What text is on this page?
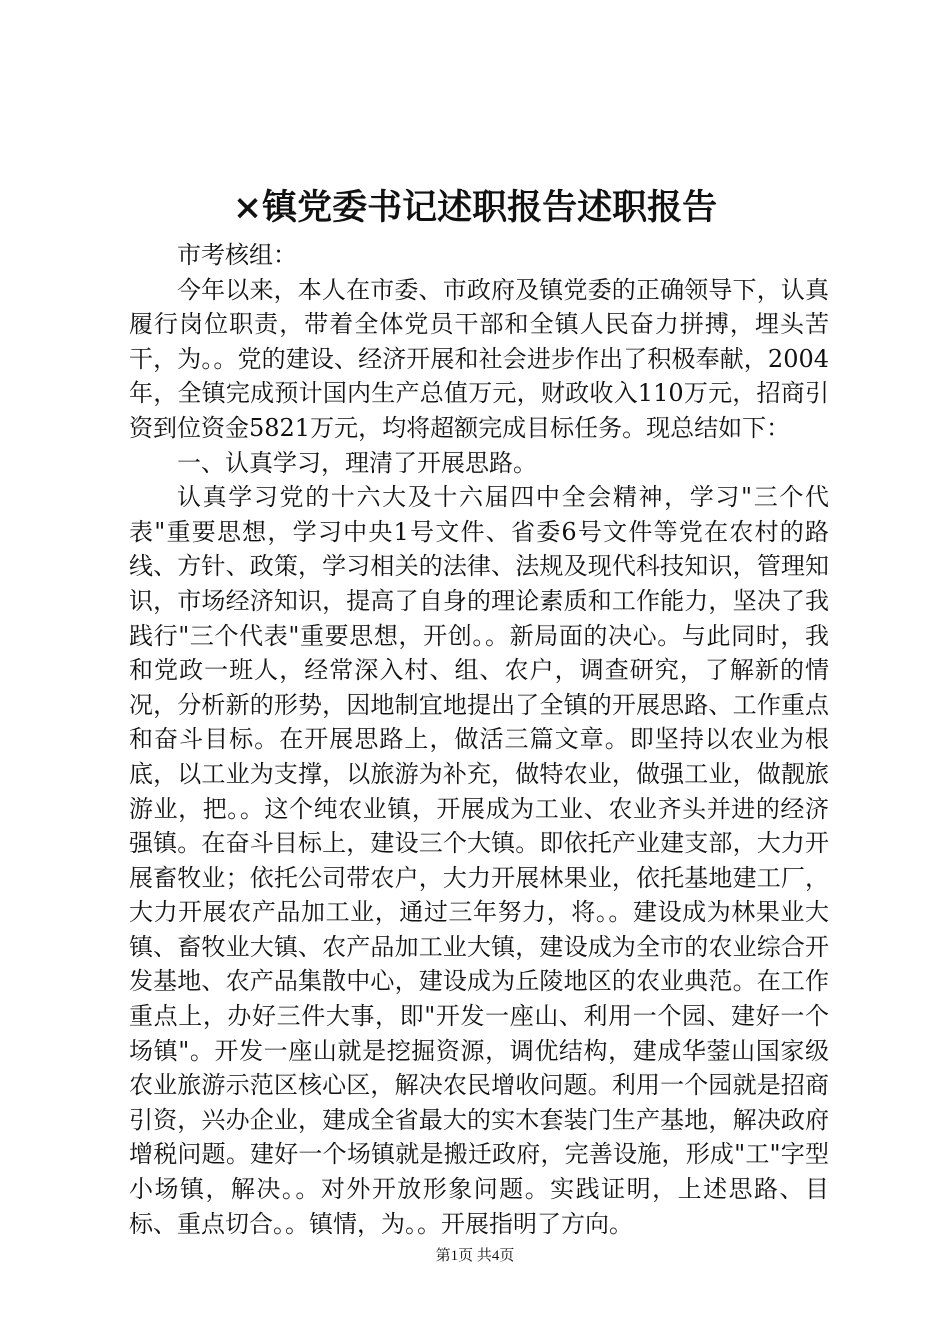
×镇党委书记述职报告述职报告

市考核组：

今年以来，本人在市委、市政府及镇党委的正确领导下，认真履行岗位职责，带着全体党员干部和全镇人民奋力拼搏，埋头苦干，为。。党的建设、经济开展和社会进步作出了积极奉献，2004年，全镇完成预计国内生产总值万元，财政收入110万元，招商引资到位资金5821万元，均将超额完成目标任务。现总结如下：

一、认真学习，理清了开展思路。

认真学习党的十六大及十六届四中全会精神，学习"三个代表"重要思想，学习中央1号文件、省委6号文件等党在农村的路线、方针、政策，学习相关的法律、法规及现代科技知识，管理知识，市场经济知识，提高了自身的理论素质和工作能力，坚决了我践行"三个代表"重要思想，开创。。新局面的决心。与此同时，我和党政一班人，经常深入村、组、农户，调查研究，了解新的情况，分析新的形势，因地制宜地提出了全镇的开展思路、工作重点和奋斗目标。在开展思路上，做活三篇文章。即坚持以农业为根底，以工业为支撑，以旅游为补充，做特农业，做强工业，做靓旅游业，把。。这个纯农业镇，开展成为工业、农业齐头并进的经济强镇。在奋斗目标上，建设三个大镇。即依托产业建支部，大力开展畜牧业；依托公司带农户，大力开展林果业，依托基地建工厂，大力开展农产品加工业，通过三年努力，将。。建设成为林果业大镇、畜牧业大镇、农产品加工业大镇，建设成为全市的农业综合开发基地、农产品集散中心，建设成为丘陵地区的农业典范。在工作重点上，办好三件大事，即"开发一座山、利用一个园、建好一个场镇"。开发一座山就是挖掘资源，调优结构，建成华蓥山国家级农业旅游示范区核心区，解决农民增收问题。利用一个园就是招商引资，兴办企业，建成全省最大的实木套装门生产基地，解决政府增税问题。建好一个场镇就是搬迁政府，完善设施，形成"工"字型小场镇，解决。。对外开放形象问题。实践证明，上述思路、目标、重点切合。。镇情，为。。开展指明了方向。

第1页 共4页
